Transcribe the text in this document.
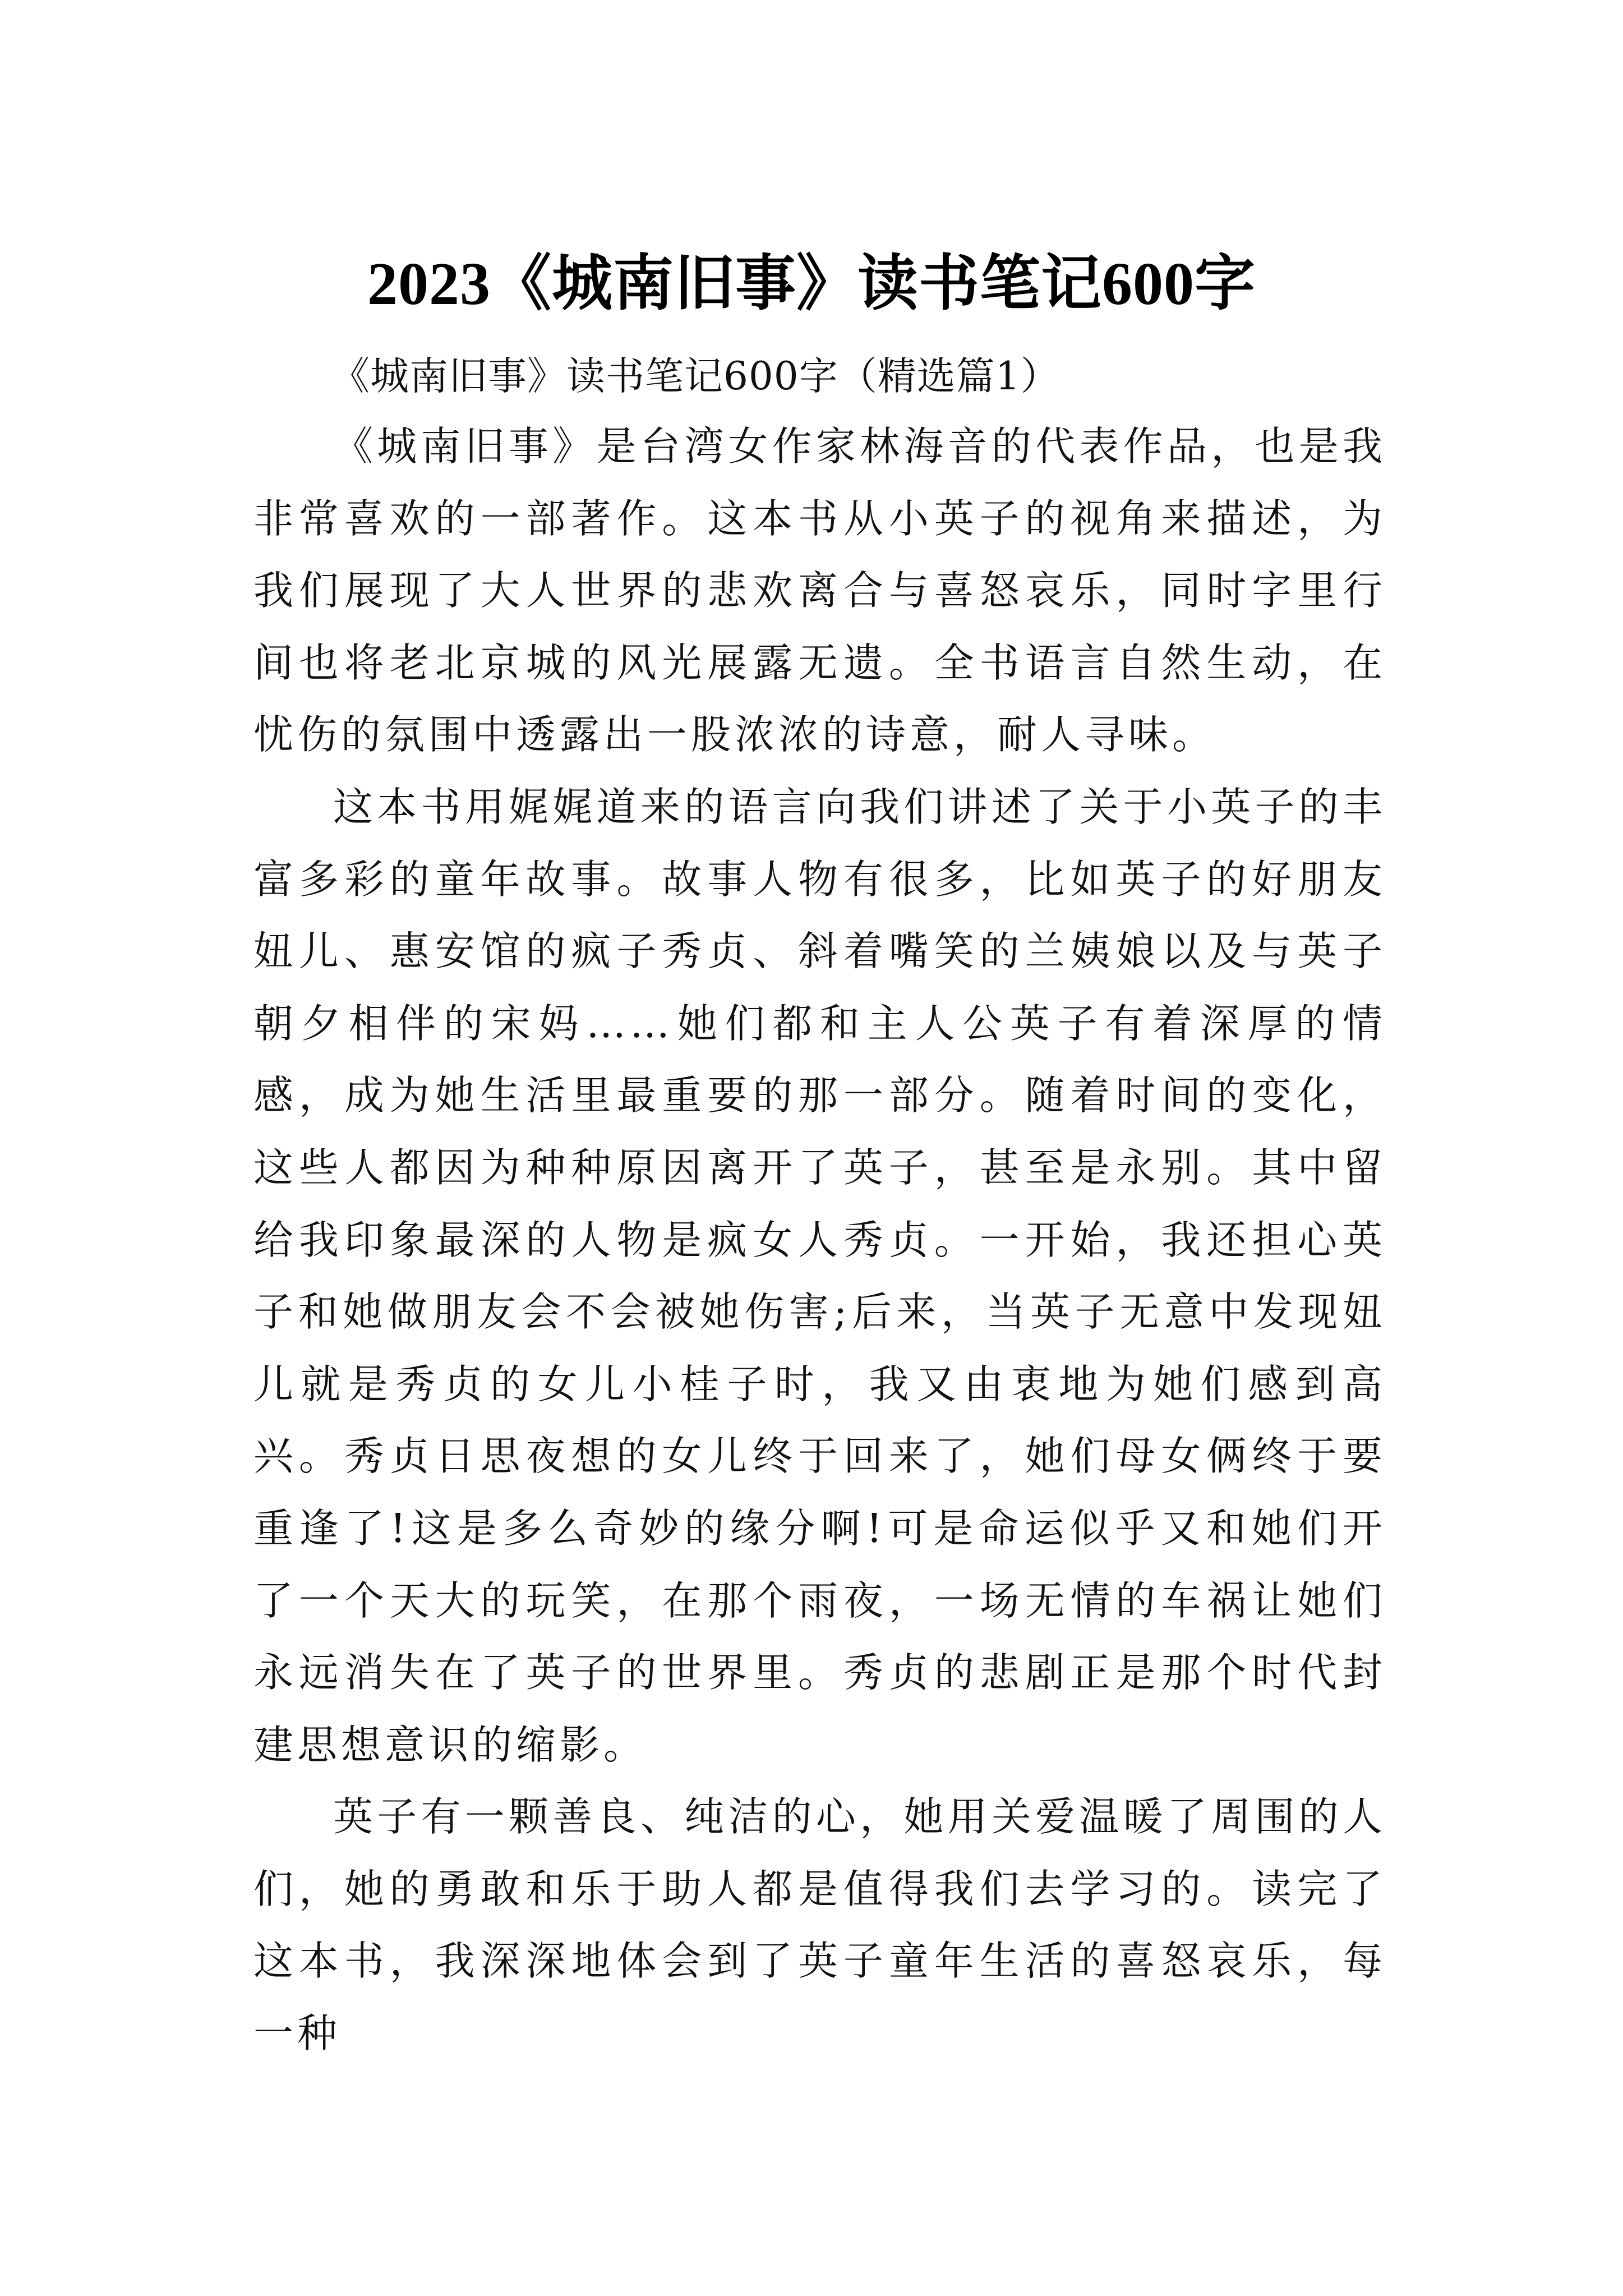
2023《城南旧事》读书笔记600字

《城南旧事》读书笔记600字（精选篇1）

《城南旧事》是台湾女作家林海音的代表作品，也是我非常喜欢的一部著作。这本书从小英子的视角来描述，为我们展现了大人世界的悲欢离合与喜怒哀乐，同时字里行间也将老北京城的风光展露无遗。全书语言自然生动，在忧伤的氛围中透露出一股浓浓的诗意，耐人寻味。

这本书用娓娓道来的语言向我们讲述了关于小英子的丰富多彩的童年故事。故事人物有很多，比如英子的好朋友妞儿、惠安馆的疯子秀贞、斜着嘴笑的兰姨娘以及与英子朝夕相伴的宋妈……她们都和主人公英子有着深厚的情感，成为她生活里最重要的那一部分。随着时间的变化，这些人都因为种种原因离开了英子，甚至是永别。其中留给我印象最深的人物是疯女人秀贞。一开始，我还担心英子和她做朋友会不会被她伤害;后来，当英子无意中发现妞儿就是秀贞的女儿小桂子时，我又由衷地为她们感到高兴。秀贞日思夜想的女儿终于回来了，她们母女俩终于要重逢了!这是多么奇妙的缘分啊!可是命运似乎又和她们开了一个天大的玩笑，在那个雨夜，一场无情的车祸让她们永远消失在了英子的世界里。秀贞的悲剧正是那个时代封建思想意识的缩影。

英子有一颗善良、纯洁的心，她用关爱温暖了周围的人们，她的勇敢和乐于助人都是值得我们去学习的。读完了这本书，我深深地体会到了英子童年生活的喜怒哀乐，每一种
